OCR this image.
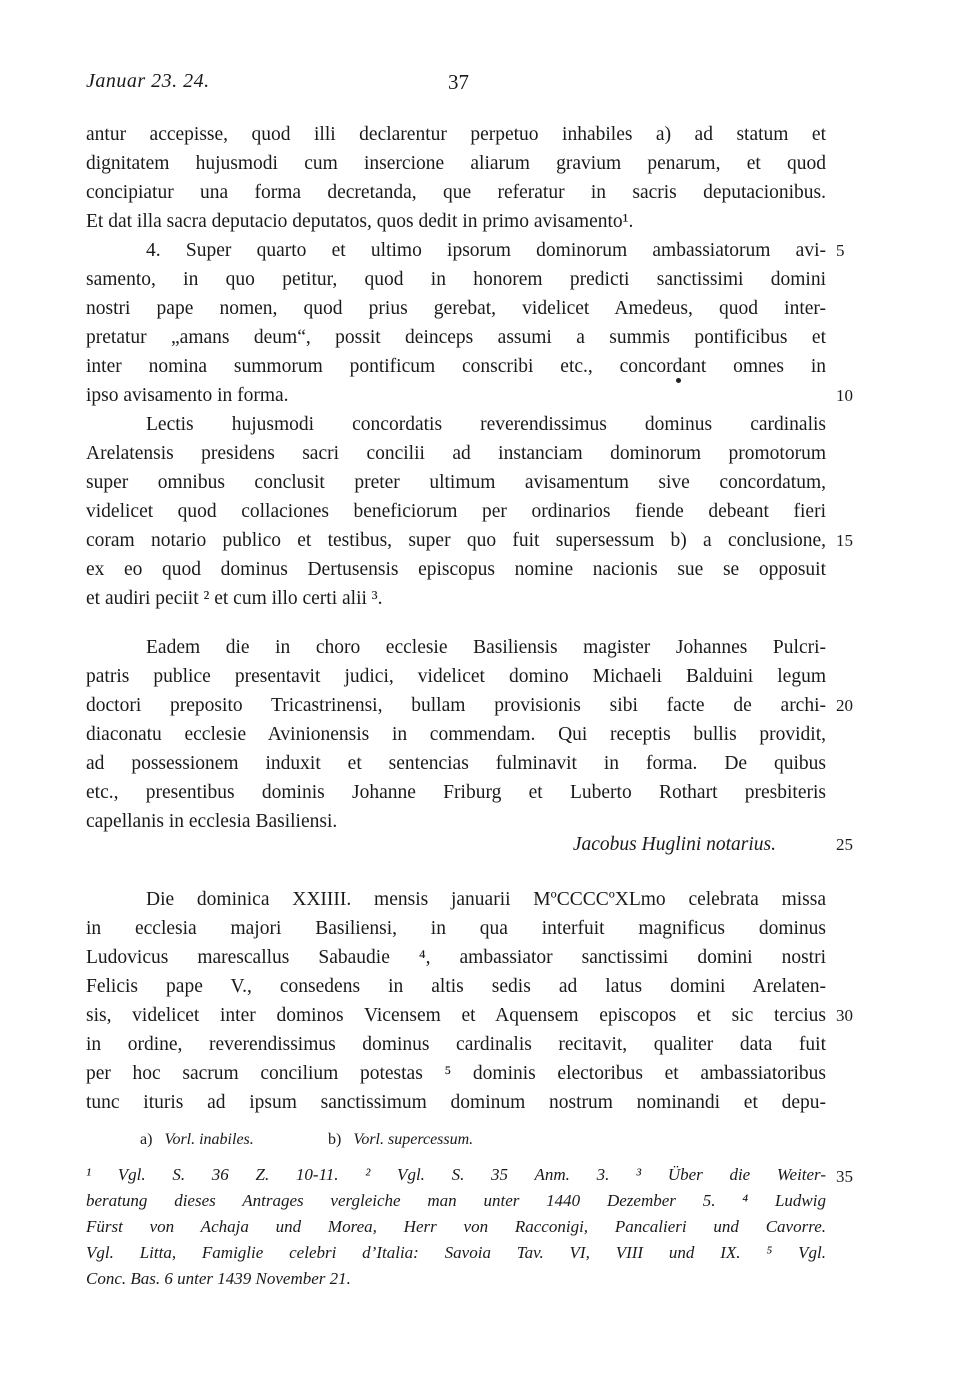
Januar 23. 24.	37
antur accepisse, quod illi declarentur perpetuo inhabiles a) ad statum et
dignitatem hujusmodi cum insercione aliarum gravium penarum, et quod
concipiatur una forma decretanda, que referatur in sacris deputacionibus.
Et dat illa sacra deputacio deputatos, quos dedit in primo avisamento¹.
4. Super quarto et ultimo ipsorum dominorum ambassiatorum avi-
samento, in quo petitur, quod in honorem predicti sanctissimi domini
nostri pape nomen, quod prius gerebat, videlicet Amedeus, quod inter-
pretatur „amans deum“, possit deinceps assumi a summis pontificibus et
inter nomina summorum pontificum conscribi etc., concordant omnes in
ipso avisamento in forma.
Lectis hujusmodi concordatis reverendissimus dominus cardinalis
Arelatensis presidens sacri concilii ad instanciam dominorum promotorum
super omnibus conclusit preter ultimum avisamentum sive concordatum,
videlicet quod collaciones beneficiorum per ordinarios fiende debeant fieri
coram notario publico et testibus, super quo fuit supersessum b) a conclusione,
ex eo quod dominus Dertusensis episcopus nomine nacionis sue se opposuit
et audiri peciit ² et cum illo certi alii ³.
Eadem die in choro ecclesie Basiliensis magister Johannes Pulcri-
patris publice presentavit judici, videlicet domino Michaeli Balduini legum
doctori preposito Tricastrinensi, bullam provisionis sibi facte de archi-
diaconatu ecclesie Avinionensis in commendam. Qui receptis bullis providit,
ad possessionem induxit et sentencias fulminavit in forma. De quibus
etc., presentibus dominis Johanne Friburg et Luberto Rothart presbiteris
capellanis in ecclesia Basiliensi.
Jacobus Huglini notarius.
Die dominica XXIIII. mensis januarii MºCCCCºXLmo celebrata missa
in ecclesia majori Basiliensi, in qua interfuit magnificus dominus
Ludovicus marescallus Sabaudie ⁴, ambassiator sanctissimi domini nostri
Felicis pape V., consedens in altis sedis ad latus domini Arelaten-
sis, videlicet inter dominos Vicensem et Aquensem episcopos et sic tercius
in ordine, reverendissimus dominus cardinalis recitavit, qualiter data fuit
per hoc sacrum concilium potestas ⁵ dominis electoribus et ambassiatoribus
tunc ituris ad ipsum sanctissimum dominum nostrum nominandi et depu-
5
10
15
20
25
30
35
a) Vorl. inabiles.	b) Vorl. supercessum.
¹ Vgl. S. 36 Z. 10-11. ² Vgl. S. 35 Anm. 3. ³ Über die Weiter-
beratung dieses Antrages vergleiche man unter 1440 Dezember 5. ⁴ Ludwig
Fürst von Achaja und Morea, Herr von Racconigi, Pancalieri und Cavorre.
Vgl. Litta, Famiglie celebri d’Italia: Savoia Tav. VI, VIII und IX. ⁵ Vgl.
Conc. Bas. 6 unter 1439 November 21.
